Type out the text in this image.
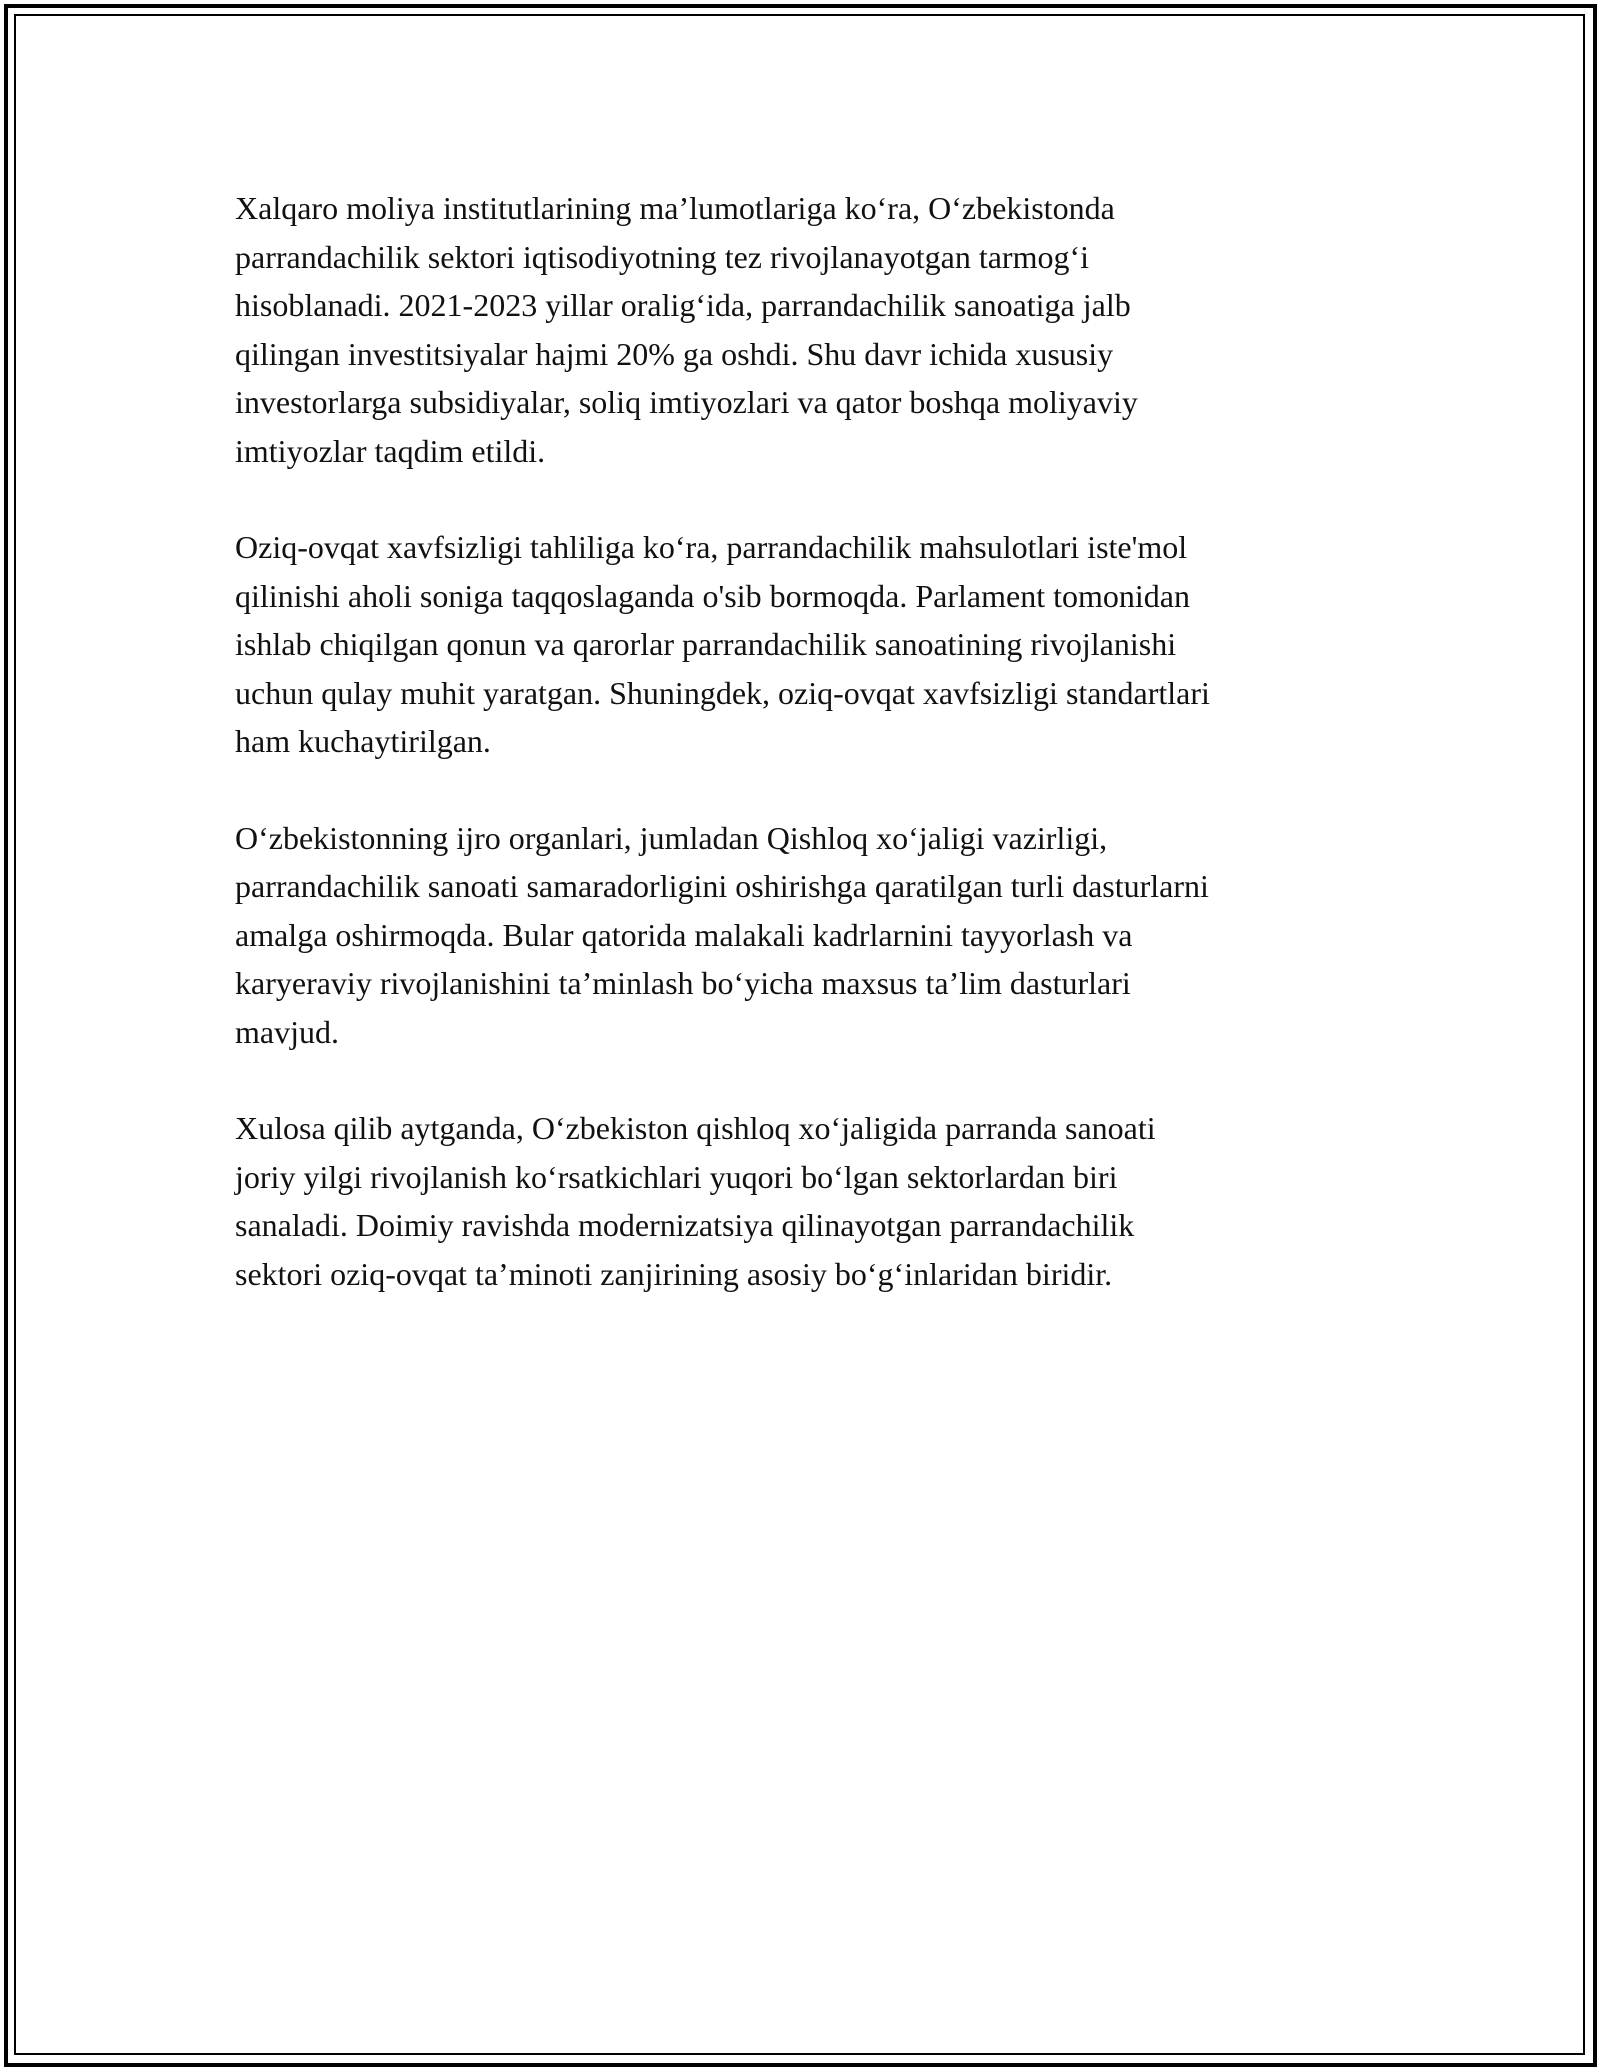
Xalqaro moliya institutlarining ma’lumotlariga ko‘ra, O‘zbekistonda
parrandachilik sektori iqtisodiyotning tez rivojlanayotgan tarmog‘i
hisoblanadi. 2021-2023 yillar oralig‘ida, parrandachilik sanoatiga jalb
qilingan investitsiyalar hajmi 20% ga oshdi. Shu davr ichida xususiy
investorlarga subsidiyalar, soliq imtiyozlari va qator boshqa moliyaviy
imtiyozlar taqdim etildi.

Oziq-ovqat xavfsizligi tahliliga ko‘ra, parrandachilik mahsulotlari iste'mol
qilinishi aholi soniga taqqoslaganda o'sib bormoqda. Parlament tomonidan
ishlab chiqilgan qonun va qarorlar parrandachilik sanoatining rivojlanishi
uchun qulay muhit yaratgan. Shuningdek, oziq-ovqat xavfsizligi standartlari
ham kuchaytirilgan.

O‘zbekistonning ijro organlari, jumladan Qishloq xo‘jaligi vazirligi,
parrandachilik sanoati samaradorligini oshirishga qaratilgan turli dasturlarni
amalga oshirmoqda. Bular qatorida malakali kadrlarnini tayyorlash va
karyeraviy rivojlanishini ta’minlash bo‘yicha maxsus ta’lim dasturlari
mavjud.

Xulosa qilib aytganda, O‘zbekiston qishloq xo‘jaligida parranda sanoati
joriy yilgi rivojlanish ko‘rsatkichlari yuqori bo‘lgan sektorlardan biri
sanaladi. Doimiy ravishda modernizatsiya qilinayotgan parrandachilik
sektori oziq-ovqat ta’minoti zanjirining asosiy bo‘g‘inlaridan biridir.
